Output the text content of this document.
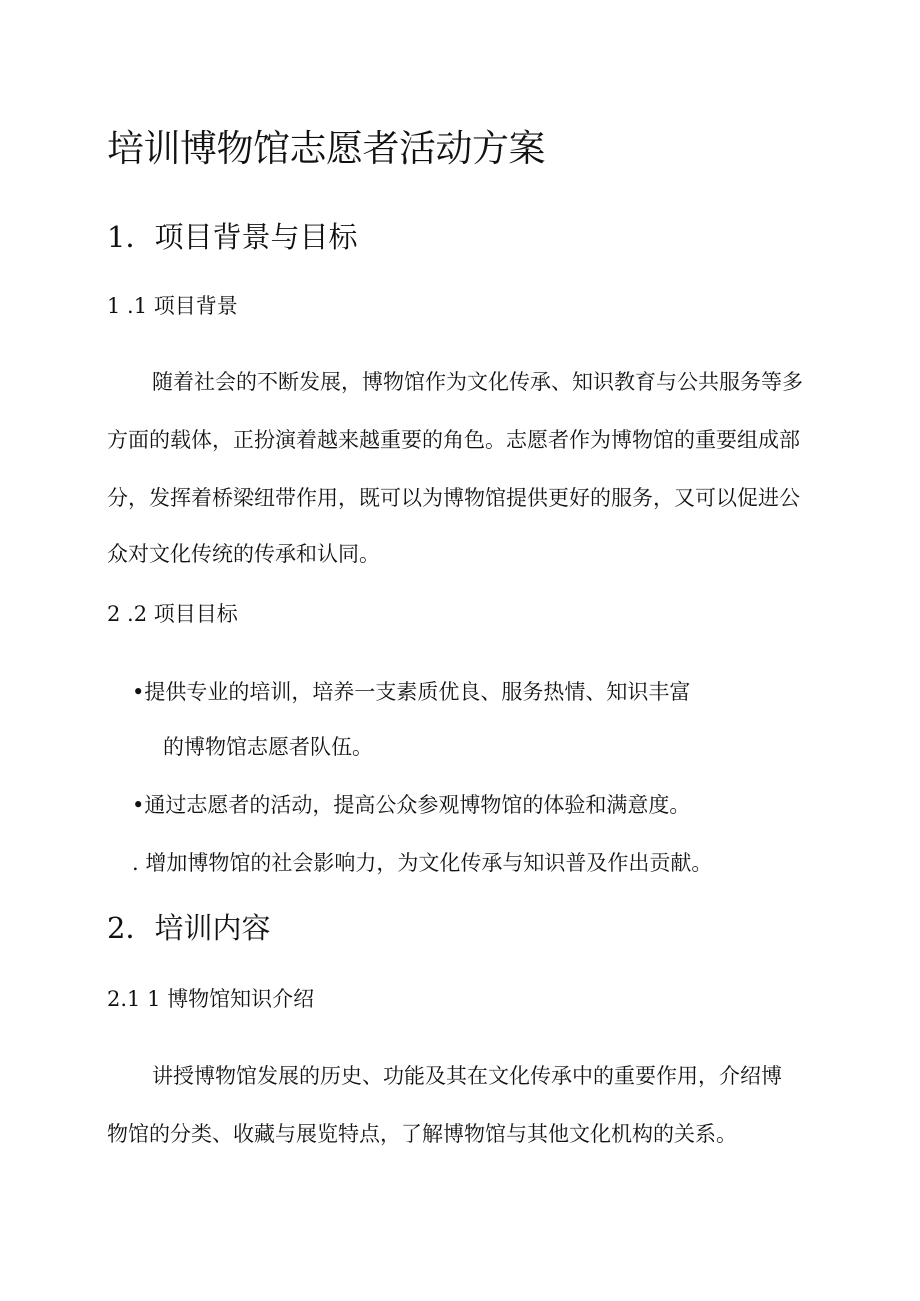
培训博物馆志愿者活动方案
1．项目背景与目标
1 .1 项目背景

随着社会的不断发展，博物馆作为文化传承、知识教育与公共服务等多

方面的载体，正扮演着越来越重要的角色。志愿者作为博物馆的重要组成部

分，发挥着桥梁纽带作用，既可以为博物馆提供更好的服务，又可以促进公

众对文化传统的传承和认同。

2 .2 项目目标

•提供专业的培训，培养一支素质优良、服务热情、知识丰富

的博物馆志愿者队伍。

•通过志愿者的活动，提高公众参观博物馆的体验和满意度。

. 增加博物馆的社会影响力，为文化传承与知识普及作出贡献。

2．培训内容
2.1 1 博物馆知识介绍

讲授博物馆发展的历史、功能及其在文化传承中的重要作用，介绍博

物馆的分类、收藏与展览特点，了解博物馆与其他文化机构的关系。
